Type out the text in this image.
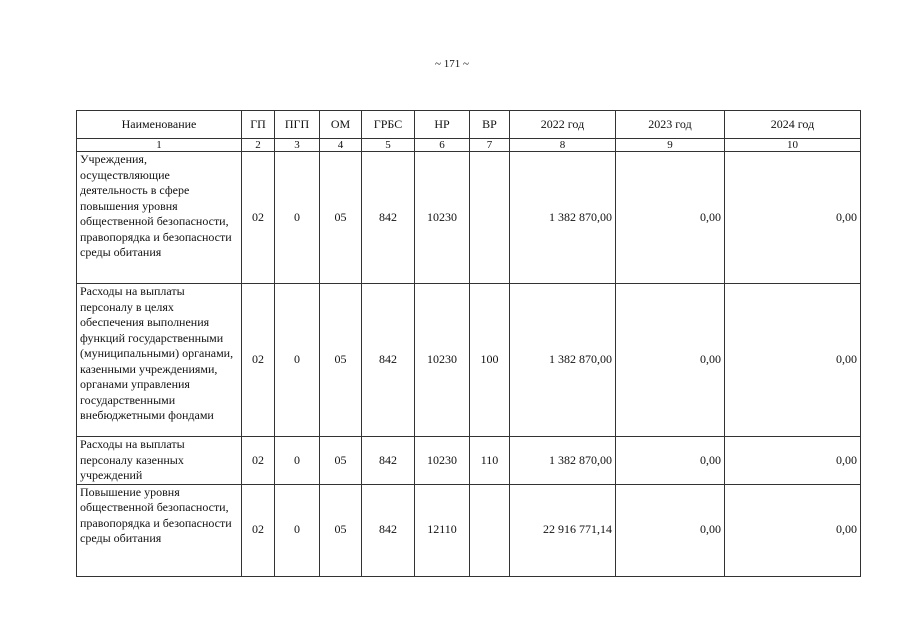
~ 171 ~
Наименование	ГП	ПГП	ОМ	ГРБС	НР	ВР	2022 год	2023 год	2024 год
1	2	3	4	5	6	7	8	9	10
Учреждения, осуществляющие деятельность в сфере повышения уровня общественной безопасности, правопорядка и безопасности среды обитания	02	0	05	842	10230		1 382 870,00	0,00	0,00
Расходы на выплаты персоналу в целях обеспечения выполнения функций государственными (муниципальными) органами, казенными учреждениями, органами управления государственными внебюджетными фондами	02	0	05	842	10230	100	1 382 870,00	0,00	0,00
Расходы на выплаты персоналу казенных учреждений	02	0	05	842	10230	110	1 382 870,00	0,00	0,00
Повышение уровня общественной безопасности, правопорядка и безопасности среды обитания	02	0	05	842	12110		22 916 771,14	0,00	0,00
